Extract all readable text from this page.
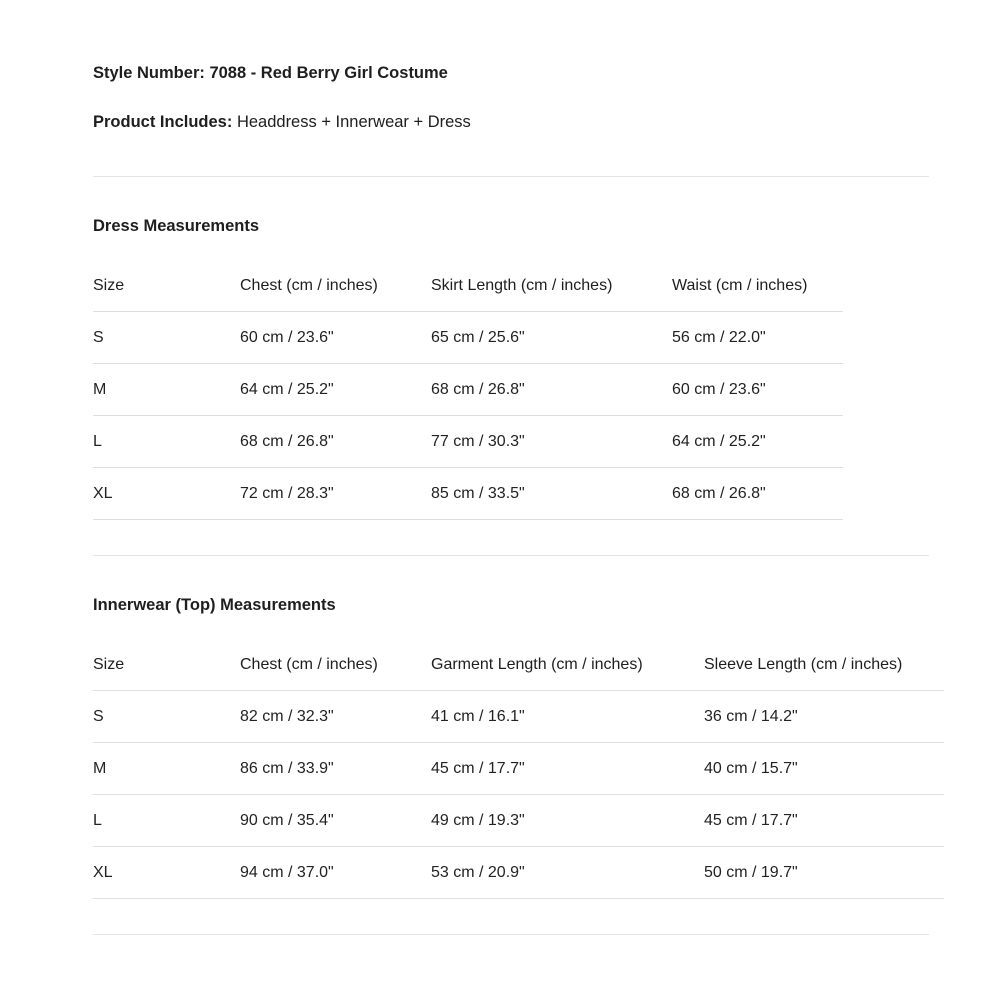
Style Number: 7088 - Red Berry Girl Costume
Product Includes: Headdress + Innerwear + Dress
Dress Measurements
Size	Chest (cm / inches)	Skirt Length (cm / inches)	Waist (cm / inches)
S	60 cm / 23.6"	65 cm / 25.6"	56 cm / 22.0"
M	64 cm / 25.2"	68 cm / 26.8"	60 cm / 23.6"
L	68 cm / 26.8"	77 cm / 30.3"	64 cm / 25.2"
XL	72 cm / 28.3"	85 cm / 33.5"	68 cm / 26.8"
Innerwear (Top) Measurements
Size	Chest (cm / inches)	Garment Length (cm / inches)	Sleeve Length (cm / inches)
S	82 cm / 32.3"	41 cm / 16.1"	36 cm / 14.2"
M	86 cm / 33.9"	45 cm / 17.7"	40 cm / 15.7"
L	90 cm / 35.4"	49 cm / 19.3"	45 cm / 17.7"
XL	94 cm / 37.0"	53 cm / 20.9"	50 cm / 19.7"
